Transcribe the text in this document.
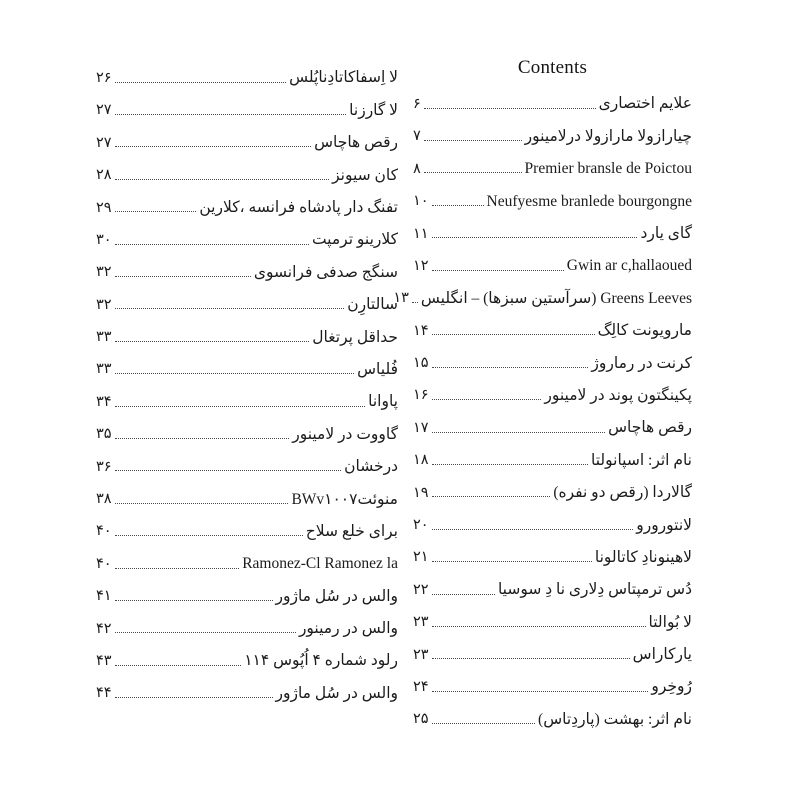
Contents
علایم اختصاری
۶
چیارازولا مارازولا درلامینور
۷
Premier bransle de Poictou
۸
Neufyesme branlede bourgongne
۱۰
گای یارد
۱۱
Gwin ar c,hallaoued
۱۲
Greens Leeves (سرآستین سبزها) – انگلیس
۱۳
مارویونت کالِگ
۱۴
کرنت در رماروژ
۱۵
پکینگتون پوند در لامینور
۱۶
رقص هاچاس
۱۷
نام اثر: اسپانولتا
۱۸
گالاردا (رقص دو نفره)
۱۹
لانتورورو
۲۰
لاهینونادِ کاتالونا
۲۱
دُس ترمپتاس دِلاری نا دِ سوسیا
۲۲
لا بُوالتا
۲۳
یارکاراس
۲۳
رُوخِرو
۲۴
نام اثر: بهشت (پاردِتاس)
۲۵
لا اِسفاکاتادِناپُلس
۲۶
لا گارزنا
۲۷
رقص هاچاس
۲۷
کان سیونز
۲۸
تفنگ دار پادشاه فرانسه ،کلارین
۲۹
کلارینو ترمپت
۳۰
سنگج صدفی فرانسوی
۳۲
سالتارِن
۳۲
حداقل پرتغال
۳۳
فُلیاس
۳۳
پاوانا
۳۴
گاووت در لامینور
۳۵
درخشان
۳۶
منوئتBWv۱۰۰۷
۳۸
برای خلع سلاح
۴۰
Ramonez-Cl Ramonez la
۴۰
والس در سُل ماژور
۴۱
والس در رمینور
۴۲
رلود شماره ۴ اُپُوس ۱۱۴
۴۳
والس در سُل ماژور
۴۴
